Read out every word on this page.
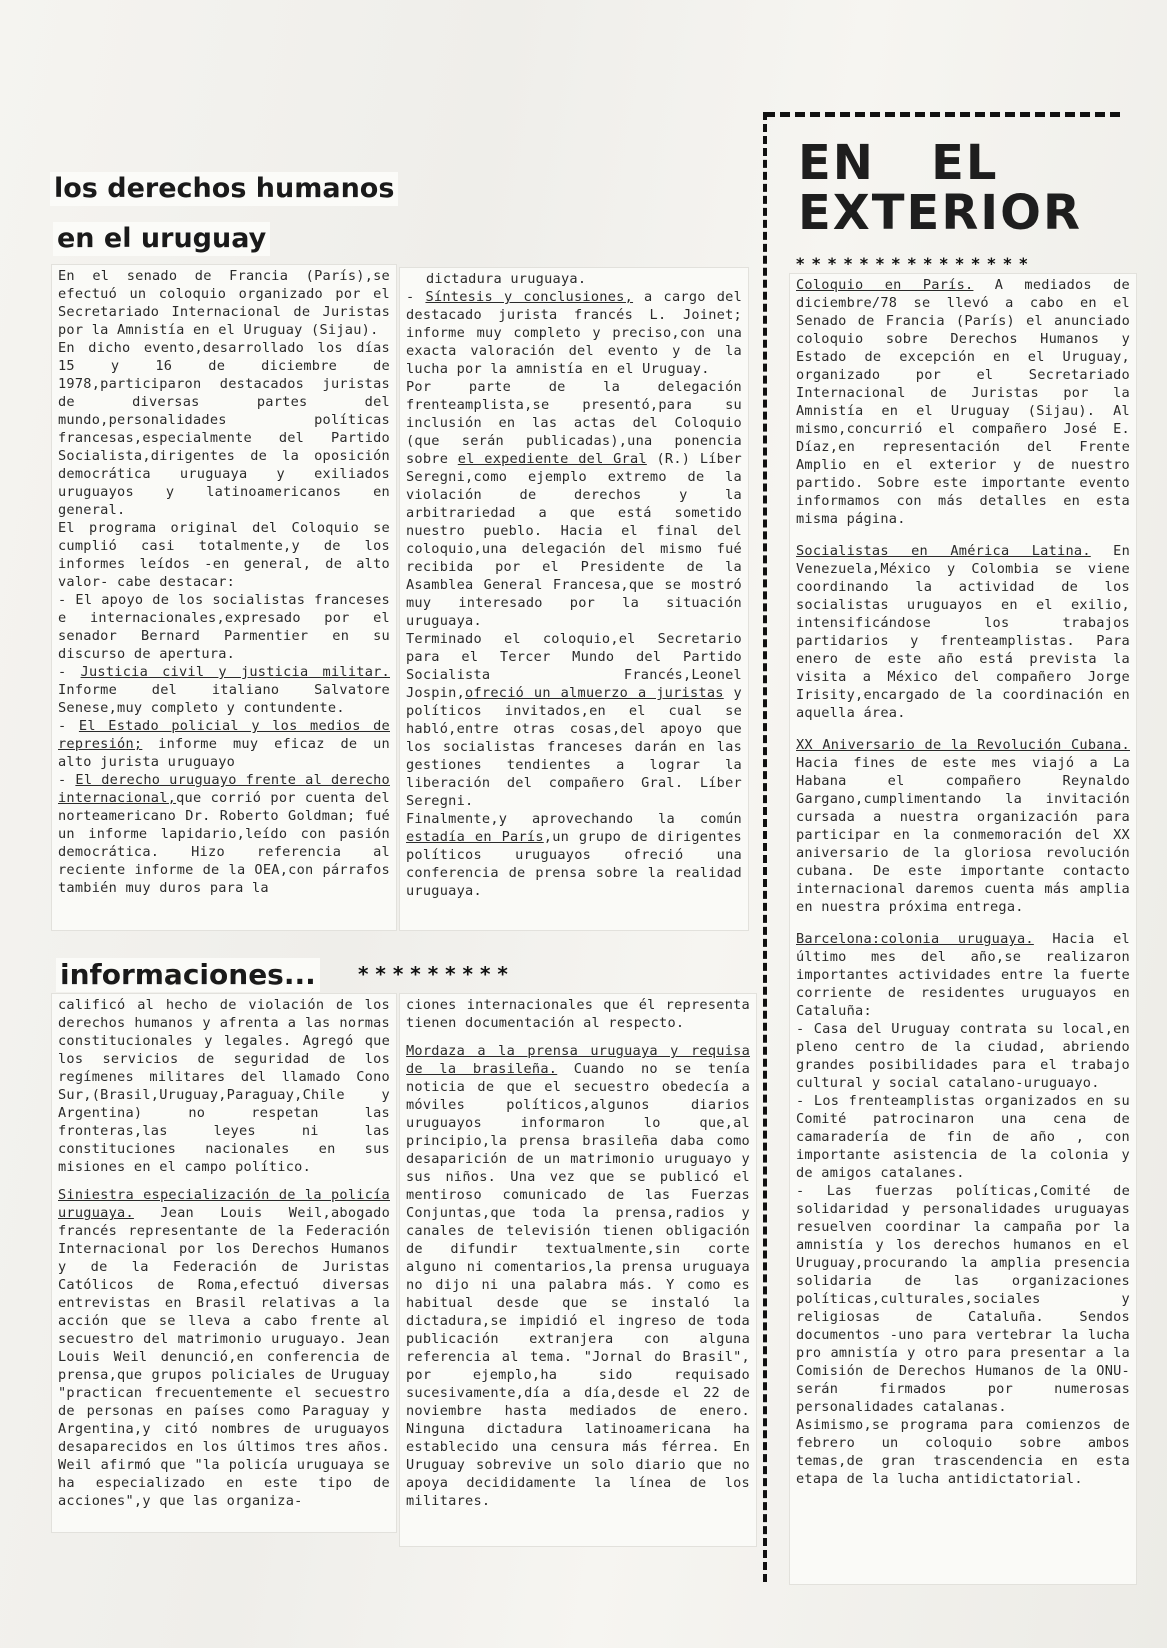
los derechos humanos
en el uruguay

En el senado de Francia (París),se efectuó un coloquio organizado por el Secretariado Internacional de Juristas por la Amnistía en el Uruguay (Sijau).

En dicho evento,desarrollado los días 15 y 16 de diciembre de 1978,participaron destacados juristas de diversas partes del mundo,personalidades políticas francesas,especialmente del Partido Socialista,dirigentes de la oposición democrática uruguaya y exiliados uruguayos y latinoamericanos en general.

El programa original del Coloquio se cumplió casi totalmente,y de los informes leídos -en general, de alto valor- cabe destacar:

- El apoyo de los socialistas franceses e internacionales,expresado por el senador Bernard Parmentier en su discurso de apertura.

- Justicia civil y justicia militar. Informe del italiano Salvatore Senese,muy completo y contundente.

- El Estado policial y los medios de represión; informe muy eficaz de un alto jurista uruguayo

- El derecho uruguayo frente al derecho internacional,que corrió por cuenta del norteamericano Dr. Roberto Goldman; fué un informe lapidario,leído con pasión democrática. Hizo referencia al reciente informe de la OEA,con párrafos también muy duros para la

dictadura uruguaya.

- Síntesis y conclusiones, a cargo del destacado jurista francés L. Joinet; informe muy completo y preciso,con una exacta valoración del evento y de la lucha por la amnistía en el Uruguay.

Por parte de la delegación frenteamplista,se presentó,para su inclusión en las actas del Coloquio (que serán publicadas),una ponencia sobre el expediente del Gral (R.) Líber Seregni,como ejemplo extremo de la violación de derechos y la arbitrariedad a que está sometido nuestro pueblo. Hacia el final del coloquio,una delegación del mismo fué recibida por el Presidente de la Asamblea General Francesa,que se mostró muy interesado por la situación uruguaya.

Terminado el coloquio,el Secretario para el Tercer Mundo del Partido Socialista Francés,Leonel Jospin,ofreció un almuerzo a juristas y políticos invitados,en el cual se habló,entre otras cosas,del apoyo que los socialistas franceses darán en las gestiones tendientes a lograr la liberación del compañero Gral. Líber Seregni.

Finalmente,y aprovechando la común estadía en París,un grupo de dirigentes políticos uruguayos ofreció una conferencia de prensa sobre la realidad uruguaya.

informaciones... * * * * * * * * *

calificó al hecho de violación de los derechos humanos y afrenta a las normas constitucionales y legales. Agregó que los servicios de seguridad de los regímenes militares del llamado Cono Sur,(Brasil,Uruguay,Paraguay,Chile y Argentina) no respetan las fronteras,las leyes ni las constituciones nacionales en sus misiones en el campo político.

Siniestra especialización de la policía uruguaya. Jean Louis Weil,abogado francés representante de la Federación Internacional por los Derechos Humanos y de la Federación de Juristas Católicos de Roma,efectuó diversas entrevistas en Brasil relativas a la acción que se lleva a cabo frente al secuestro del matrimonio uruguayo. Jean Louis Weil denunció,en conferencia de prensa,que grupos policiales de Uruguay "practican frecuentemente el secuestro de personas en países como Paraguay y Argentina,y citó nombres de uruguayos desaparecidos en los últimos tres años. Weil afirmó que "la policía uruguaya se ha especializado en este tipo de acciones",y que las organiza-

ciones internacionales que él representa tienen documentación al respecto.

Mordaza a la prensa uruguaya y requisa de la brasileña. Cuando no se tenía noticia de que el secuestro obedecía a móviles políticos,algunos diarios uruguayos informaron lo que,al principio,la prensa brasileña daba como desaparición de un matrimonio uruguayo y sus niños. Una vez que se publicó el mentiroso comunicado de las Fuerzas Conjuntas,que toda la prensa,radios y canales de televisión tienen obligación de difundir textualmente,sin corte alguno ni comentarios,la prensa uruguaya no dijo ni una palabra más. Y como es habitual desde que se instaló la dictadura,se impidió el ingreso de toda publicación extranjera con alguna referencia al tema. "Jornal do Brasil", por ejemplo,ha sido requisado sucesivamente,día a día,desde el 22 de noviembre hasta mediados de enero. Ninguna dictadura latinoamericana ha establecido una censura más férrea. En Uruguay sobrevive un solo diario que no apoya decididamente la línea de los militares.

EN   EL
EXTERIOR
* * * * * * * * * * * * * * *

Coloquio en París. A mediados de diciembre/78 se llevó a cabo en el Senado de Francia (París) el anunciado coloquio sobre Derechos Humanos y Estado de excepción en el Uruguay, organizado por el Secretariado Internacional de Juristas por la Amnistía en el Uruguay (Sijau). Al mismo,concurrió el compañero José E. Díaz,en representación del Frente Amplio en el exterior y de nuestro partido. Sobre este importante evento informamos con más detalles en esta misma página.

Socialistas en América Latina. En Venezuela,México y Colombia se viene coordinando la actividad de los socialistas uruguayos en el exilio, intensificándose los trabajos partidarios y frenteamplistas. Para enero de este año está prevista la visita a México del compañero Jorge Irisity,encargado de la coordinación en aquella área.

XX Aniversario de la Revolución Cubana. Hacia fines de este mes viajó a La Habana el compañero Reynaldo Gargano,cumplimentando la invitación cursada a nuestra organización para participar en la conmemoración del XX aniversario de la gloriosa revolución cubana. De este importante contacto internacional daremos cuenta más amplia en nuestra próxima entrega.

Barcelona:colonia uruguaya. Hacia el último mes del año,se realizaron importantes actividades entre la fuerte corriente de residentes uruguayos en Cataluña:

- Casa del Uruguay contrata su local,en pleno centro de la ciudad, abriendo grandes posibilidades para el trabajo cultural y social catalano-uruguayo.

- Los frenteamplistas organizados en su Comité patrocinaron una cena de camaradería de fin de año , con importante asistencia de la colonia y de amigos catalanes.

- Las fuerzas políticas,Comité de solidaridad y personalidades uruguayas resuelven coordinar la campaña por la amnistía y los derechos humanos en el Uruguay,procurando la amplia presencia solidaria de las organizaciones políticas,culturales,sociales y religiosas de Cataluña. Sendos documentos -uno para vertebrar la lucha pro amnistía y otro para presentar a la Comisión de Derechos Humanos de la ONU- serán firmados por numerosas personalidades catalanas.

Asimismo,se programa para comienzos de febrero un coloquio sobre ambos temas,de gran trascendencia en esta etapa de la lucha antidictatorial.
